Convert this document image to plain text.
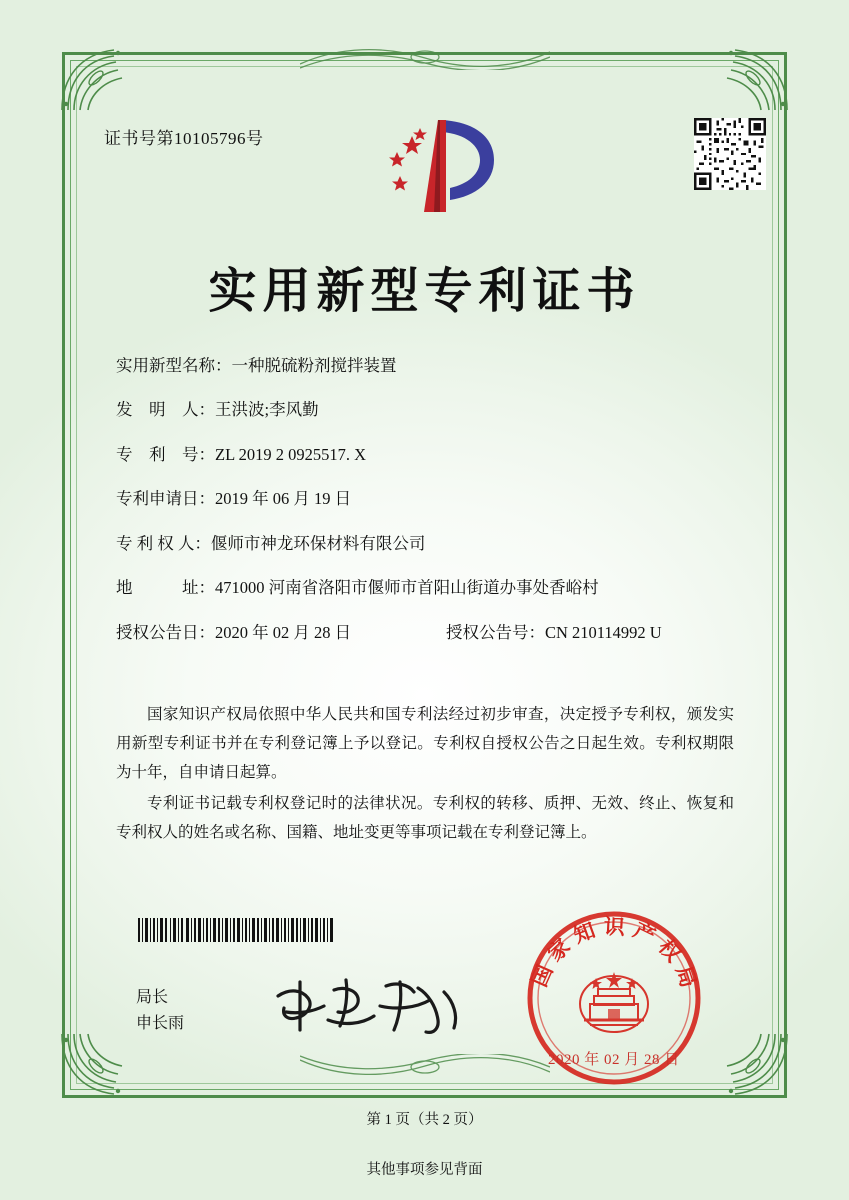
证书号第10105796号
实用新型专利证书
实用新型名称： 一种脱硫粉剂搅拌装置
发　明　人： 王洪波;李风勤
专　利　号： ZL 2019 2 0925517. X
专利申请日： 2019 年 06 月 19 日
专 利 权 人： 偃师市神龙环保材料有限公司
地　　　址： 471000 河南省洛阳市偃师市首阳山街道办事处香峪村
授权公告日： 2020 年 02 月 28 日	授权公告号： CN 210114992 U

国家知识产权局依照中华人民共和国专利法经过初步审查，决定授予专利权，颁发实用新型专利证书并在专利登记簿上予以登记。专利权自授权公告之日起生效。专利权期限为十年，自申请日起算。

专利证书记载专利权登记时的法律状况。专利权的转移、质押、无效、终止、恢复和专利权人的姓名或名称、国籍、地址变更等事项记载在专利登记簿上。

局长
申长雨
国家知识产权局
2020 年 02 月 28 日
第 1 页（共 2 页）
其他事项参见背面
